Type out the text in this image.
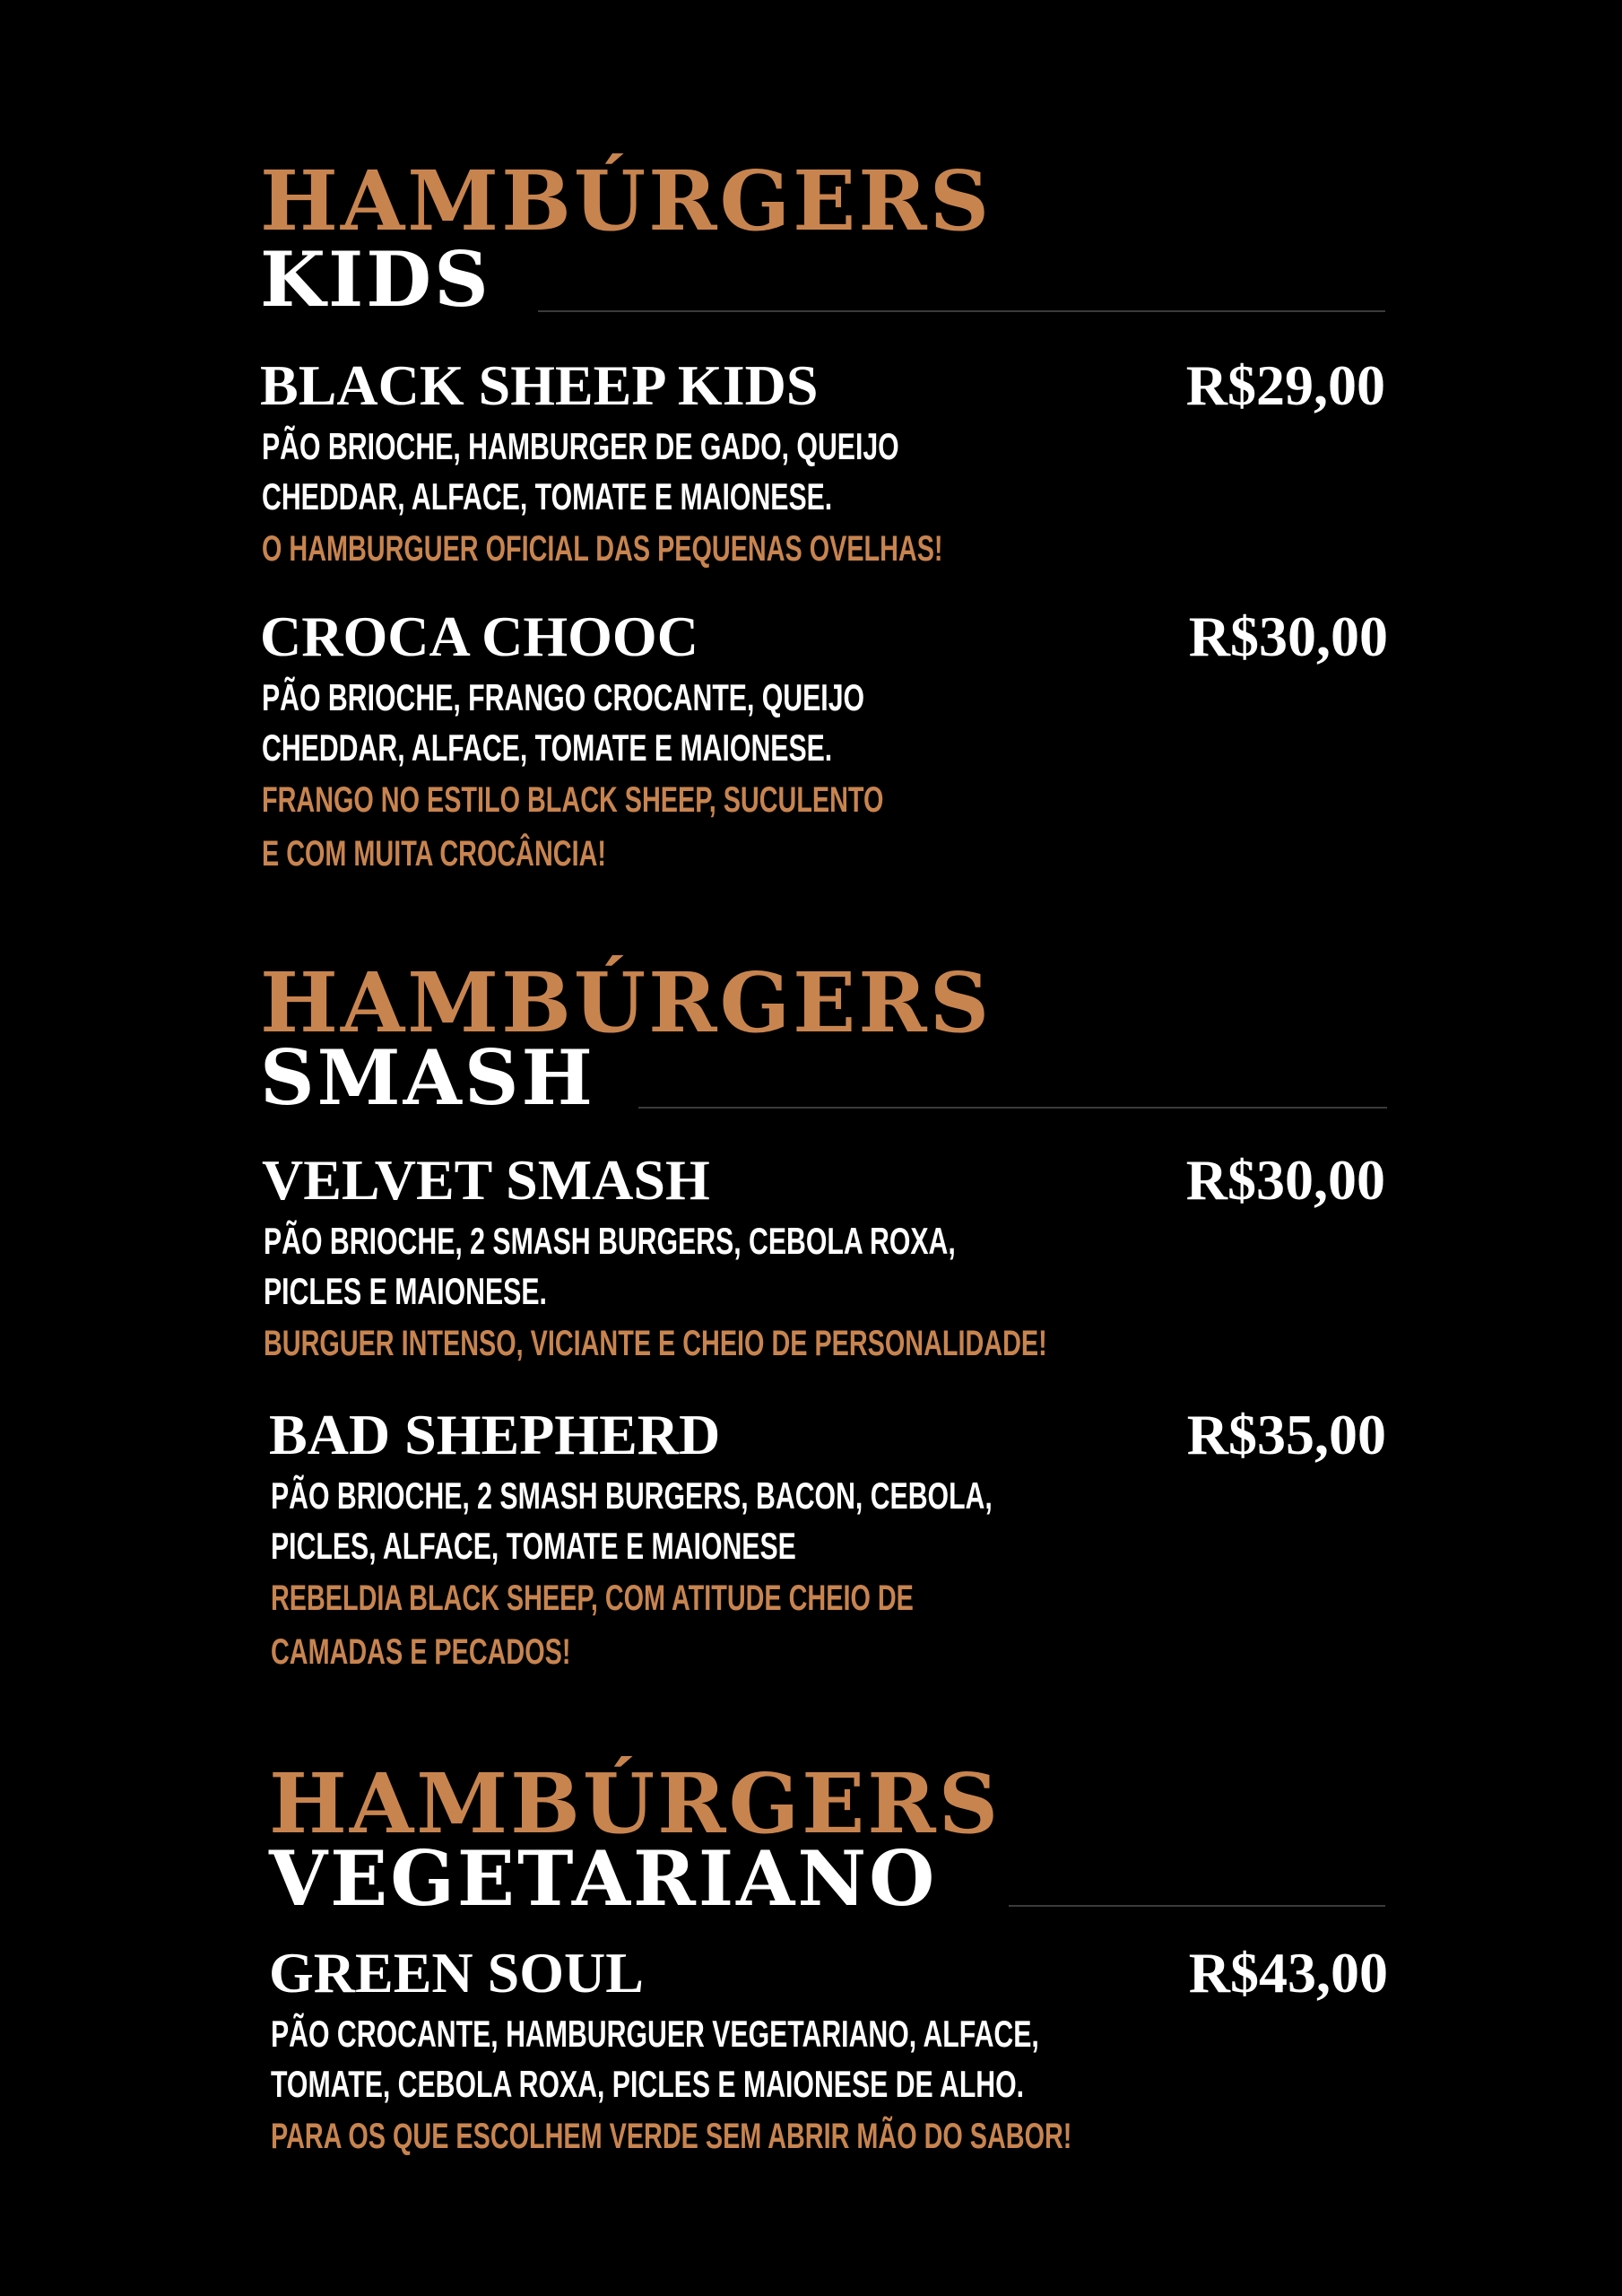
HAMBÚRGERS
KIDS
BLACK SHEEP KIDS	R$29,00
PÃO BRIOCHE, HAMBURGER DE GADO, QUEIJO
CHEDDAR, ALFACE, TOMATE E MAIONESE.
O HAMBURGUER OFICIAL DAS PEQUENAS OVELHAS!
CROCA CHOOC	R$30,00
PÃO BRIOCHE, FRANGO CROCANTE, QUEIJO
CHEDDAR, ALFACE, TOMATE E MAIONESE.
FRANGO NO ESTILO BLACK SHEEP, SUCULENTO
E COM MUITA CROCÂNCIA!
HAMBÚRGERS
SMASH
VELVET SMASH	R$30,00
PÃO BRIOCHE, 2 SMASH BURGERS, CEBOLA ROXA,
PICLES E MAIONESE.
BURGUER INTENSO, VICIANTE E CHEIO DE PERSONALIDADE!
BAD SHEPHERD	R$35,00
PÃO BRIOCHE, 2 SMASH BURGERS, BACON, CEBOLA,
PICLES, ALFACE, TOMATE E MAIONESE
REBELDIA BLACK SHEEP, COM ATITUDE CHEIO DE
CAMADAS E PECADOS!
HAMBÚRGERS
VEGETARIANO
GREEN SOUL	R$43,00
PÃO CROCANTE, HAMBURGUER VEGETARIANO, ALFACE,
TOMATE, CEBOLA ROXA, PICLES E MAIONESE DE ALHO.
PARA OS QUE ESCOLHEM VERDE SEM ABRIR MÃO DO SABOR!
